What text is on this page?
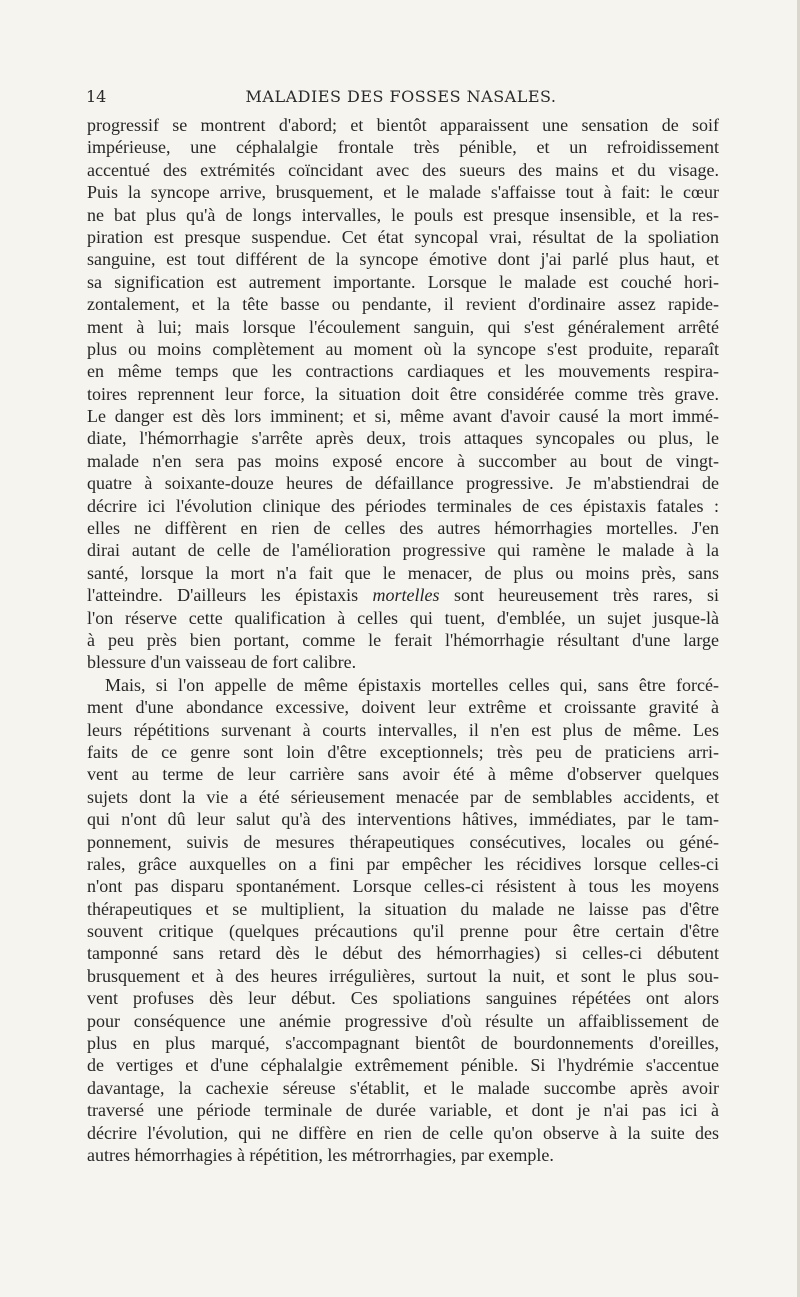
14	MALADIES DES FOSSES NASALES.
progressif se montrent d'abord; et bientôt apparaissent une sensation de soif
impérieuse, une céphalalgie frontale très pénible, et un refroidissement
accentué des extrémités coïncidant avec des sueurs des mains et du visage.
Puis la syncope arrive, brusquement, et le malade s'affaisse tout à fait: le cœur
ne bat plus qu'à de longs intervalles, le pouls est presque insensible, et la res-
piration est presque suspendue. Cet état syncopal vrai, résultat de la spoliation
sanguine, est tout différent de la syncope émotive dont j'ai parlé plus haut, et
sa signification est autrement importante. Lorsque le malade est couché hori-
zontalement, et la tête basse ou pendante, il revient d'ordinaire assez rapide-
ment à lui; mais lorsque l'écoulement sanguin, qui s'est généralement arrêté
plus ou moins complètement au moment où la syncope s'est produite, reparaît
en même temps que les contractions cardiaques et les mouvements respira-
toires reprennent leur force, la situation doit être considérée comme très grave.
Le danger est dès lors imminent; et si, même avant d'avoir causé la mort immé-
diate, l'hémorrhagie s'arrête après deux, trois attaques syncopales ou plus, le
malade n'en sera pas moins exposé encore à succomber au bout de vingt-
quatre à soixante-douze heures de défaillance progressive. Je m'abstiendrai de
décrire ici l'évolution clinique des périodes terminales de ces épistaxis fatales :
elles ne diffèrent en rien de celles des autres hémorrhagies mortelles. J'en
dirai autant de celle de l'amélioration progressive qui ramène le malade à la
santé, lorsque la mort n'a fait que le menacer, de plus ou moins près, sans
l'atteindre. D'ailleurs les épistaxis mortelles sont heureusement très rares, si
l'on réserve cette qualification à celles qui tuent, d'emblée, un sujet jusque-là
à peu près bien portant, comme le ferait l'hémorrhagie résultant d'une large
blessure d'un vaisseau de fort calibre.
Mais, si l'on appelle de même épistaxis mortelles celles qui, sans être forcé-
ment d'une abondance excessive, doivent leur extrême et croissante gravité à
leurs répétitions survenant à courts intervalles, il n'en est plus de même. Les
faits de ce genre sont loin d'être exceptionnels; très peu de praticiens arri-
vent au terme de leur carrière sans avoir été à même d'observer quelques
sujets dont la vie a été sérieusement menacée par de semblables accidents, et
qui n'ont dû leur salut qu'à des interventions hâtives, immédiates, par le tam-
ponnement, suivis de mesures thérapeutiques consécutives, locales ou géné-
rales, grâce auxquelles on a fini par empêcher les récidives lorsque celles-ci
n'ont pas disparu spontanément. Lorsque celles-ci résistent à tous les moyens
thérapeutiques et se multiplient, la situation du malade ne laisse pas d'être
souvent critique (quelques précautions qu'il prenne pour être certain d'être
tamponné sans retard dès le début des hémorrhagies) si celles-ci débutent
brusquement et à des heures irrégulières, surtout la nuit, et sont le plus sou-
vent profuses dès leur début. Ces spoliations sanguines répétées ont alors
pour conséquence une anémie progressive d'où résulte un affaiblissement de
plus en plus marqué, s'accompagnant bientôt de bourdonnements d'oreilles,
de vertiges et d'une céphalalgie extrêmement pénible. Si l'hydrémie s'accentue
davantage, la cachexie séreuse s'établit, et le malade succombe après avoir
traversé une période terminale de durée variable, et dont je n'ai pas ici à
décrire l'évolution, qui ne diffère en rien de celle qu'on observe à la suite des
autres hémorrhagies à répétition, les métrorrhagies, par exemple.
